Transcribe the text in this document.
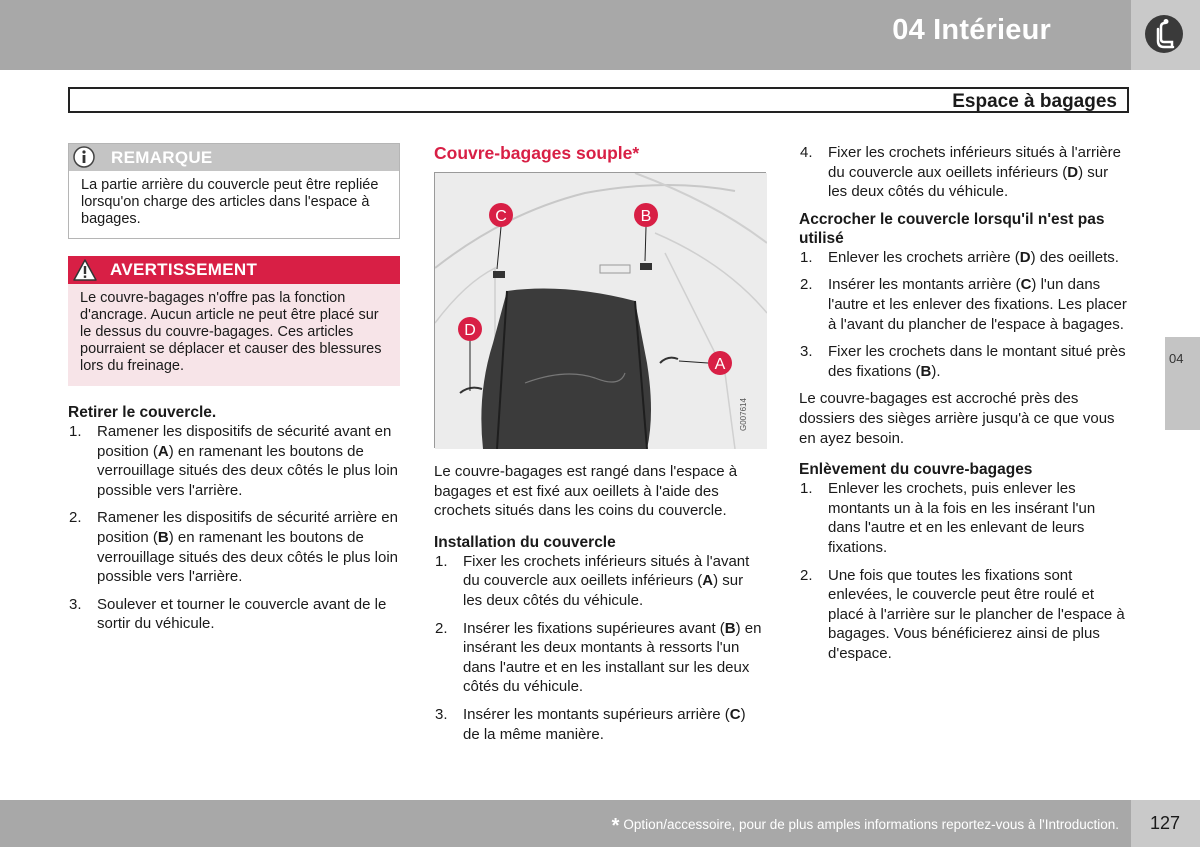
04 Intérieur
Espace à bagages
REMARQUE
La partie arrière du couvercle peut être repliée lorsqu'on charge des articles dans l'espace à bagages.
AVERTISSEMENT
Le couvre-bagages n'offre pas la fonction d'ancrage. Aucun article ne peut être placé sur le dessus du couvre-bagages. Ces articles pourraient se déplacer et causer des blessures lors du freinage.

Retirer le couvercle.

1. Ramener les dispositifs de sécurité avant en position (A) en ramenant les boutons de verrouillage situés des deux côtés le plus loin possible vers l'arrière.
2. Ramener les dispositifs de sécurité arrière en position (B) en ramenant les boutons de verrouillage situés des deux côtés le plus loin possible vers l'arrière.
3. Soulever et tourner le couvercle avant de le sortir du véhicule.

Couvre-bagages souple*

C	B
D
A
G007614

Le couvre-bagages est rangé dans l'espace à bagages et est fixé aux oeillets à l'aide des crochets situés dans les coins du couvercle.

Installation du couvercle

1. Fixer les crochets inférieurs situés à l'avant du couvercle aux oeillets inférieurs (A) sur les deux côtés du véhicule.
2. Insérer les fixations supérieures avant (B) en insérant les deux montants à ressorts l'un dans l'autre et en les installant sur les deux côtés du véhicule.
3. Insérer les montants supérieurs arrière (C) de la même manière.
4. Fixer les crochets inférieurs situés à l'arrière du couvercle aux oeillets inférieurs (D) sur les deux côtés du véhicule.

Accrocher le couvercle lorsqu'il n'est pas utilisé

1. Enlever les crochets arrière (D) des oeillets.
2. Insérer les montants arrière (C) l'un dans l'autre et les enlever des fixations. Les placer à l'avant du plancher de l'espace à bagages.
3. Fixer les crochets dans le montant situé près des fixations (B).

Le couvre-bagages est accroché près des dossiers des sièges arrière jusqu'à ce que vous en ayez besoin.

Enlèvement du couvre-bagages

1. Enlever les crochets, puis enlever les montants un à la fois en les insérant l'un dans l'autre et en les enlevant de leurs fixations.
2. Une fois que toutes les fixations sont enlevées, le couvercle peut être roulé et placé à l'arrière sur le plancher de l'espace à bagages. Vous bénéficierez ainsi de plus d'espace.
04
* Option/accessoire, pour de plus amples informations reportez-vous à l'Introduction. 127
